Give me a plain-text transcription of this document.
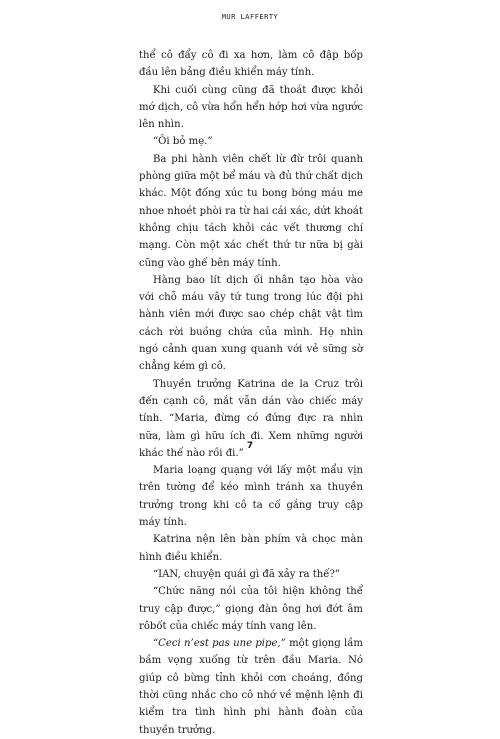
MUR LAFFERTY

thể cô đẩy cô đi xa hơn, làm cô đập bốp đầu lên bảng điều khiển máy tính.

Khi cuối cùng cũng đã thoát được khỏi mớ dịch, cô vừa hổn hển hớp hơi vừa ngước lên nhìn.

“Ôi bỏ mẹ.”

Ba phi hành viên chết lừ đừ trôi quanh phòng giữa một bể máu và đủ thứ chất dịch khác. Một đống xúc tu bong bóng máu me nhoe nhoét phòi ra từ hai cái xác, dứt khoát không chịu tách khỏi các vết thương chí mạng. Còn một xác chết thứ tư nữa bị gài cũng vào ghế bên máy tính.

Hàng bao lít dịch ối nhân tạo hòa vào với chỗ máu vây tứ tung trong lúc đội phi hành viên mới được sao chép chật vật tìm cách rời buồng chứa của mình. Họ nhìn ngó cảnh quan xung quanh với vẻ sững sờ chẳng kém gì cô.

Thuyền trưởng Katrina de la Cruz trôi đến cạnh cô, mắt vẫn dán vào chiếc máy tính. “Maria, đừng có đứng đực ra nhìn nữa, làm gì hữu ích đi. Xem những người khác thế nào rồi đi.”

Maria loạng quạng với lấy một mẩu vịn trên tường để kéo mình tránh xa thuyền trưởng trong khi cô ta cố gắng truy cập máy tính.

Katrina nện lên bàn phím và chọc màn hình điều khiển.

“IAN, chuyện quái gì đã xảy ra thế?”

“Chức năng nói của tôi hiện không thể truy cập được,” giọng đàn ông hơi đớt âm rôbốt của chiếc máy tính vang lên.

“Ceci n’est pas une pipe,” một giọng lầm bầm vọng xuống từ trên đầu Maria. Nó giúp cô bừng tỉnh khỏi cơn choáng, đồng thời cũng nhắc cho cô nhớ về mệnh lệnh đi kiểm tra tình hình phi hành đoàn của thuyền trưởng.

7
